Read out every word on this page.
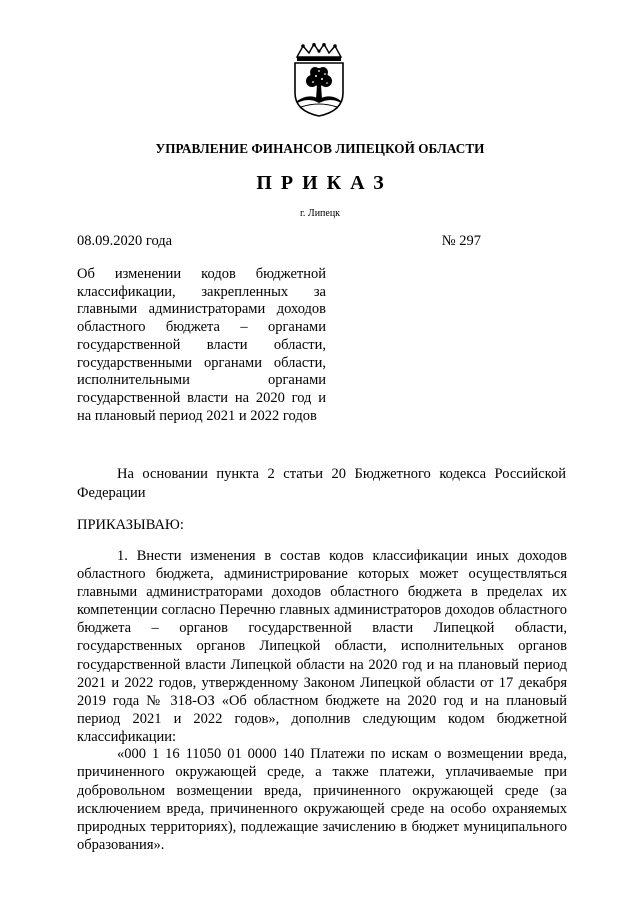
УПРАВЛЕНИЕ ФИНАНСОВ ЛИПЕЦКОЙ ОБЛАСТИ
ПРИКАЗ
г. Липецк
08.09.2020 года	№ 297
Об изменении кодов бюджетной классификации, закрепленных за главными администраторами доходов областного бюджета – органами государственной власти области, государственными органами области, исполнительными органами государственной власти на 2020 год и на плановый период 2021 и 2022 годов
На основании пункта 2 статьи 20 Бюджетного кодекса Российской Федерации
ПРИКАЗЫВАЮ:
1. Внести изменения в состав кодов классификации иных доходов областного бюджета, администрирование которых может осуществляться главными администраторами доходов областного бюджета в пределах их компетенции согласно Перечню главных администраторов доходов областного бюджета – органов государственной власти Липецкой области, государственных органов Липецкой области, исполнительных органов государственной власти Липецкой области на 2020 год и на плановый период 2021 и 2022 годов, утвержденному Законом Липецкой области от 17 декабря 2019 года № 318-ОЗ «Об областном бюджете на 2020 год и на плановый период 2021 и 2022 годов», дополнив следующим кодом бюджетной классификации:
«000 1 16 11050 01 0000 140 Платежи по искам о возмещении вреда, причиненного окружающей среде, а также платежи, уплачиваемые при добровольном возмещении вреда, причиненного окружающей среде (за исключением вреда, причиненного окружающей среде на особо охраняемых природных территориях), подлежащие зачислению в бюджет муниципального образования».
